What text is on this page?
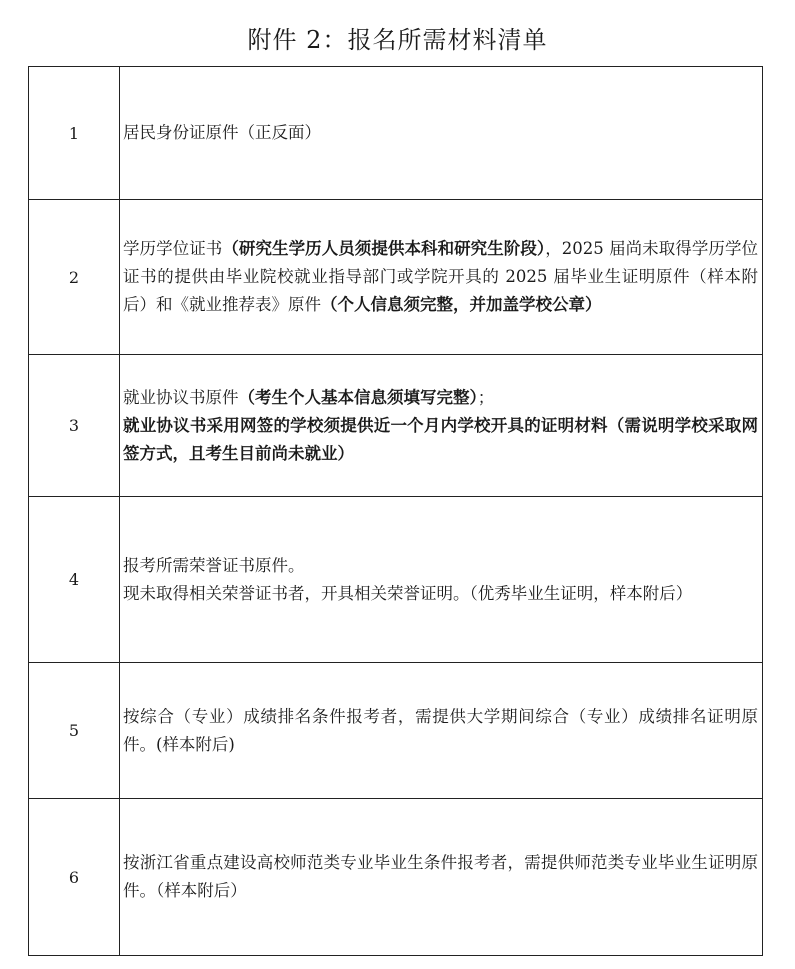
附件 2：报名所需材料清单
1	居民身份证原件（正反面）
2	学历学位证书（研究生学历人员须提供本科和研究生阶段），2025 届尚未取得学历学位证书的提供由毕业院校就业指导部门或学院开具的 2025 届毕业生证明原件（样本附后）和《就业推荐表》原件（个人信息须完整，并加盖学校公章）
3	就业协议书原件（考生个人基本信息须填写完整）；
就业协议书采用网签的学校须提供近一个月内学校开具的证明材料（需说明学校采取网签方式，且考生目前尚未就业）

4	报考所需荣誉证书原件。
现未取得相关荣誉证书者，开具相关荣誉证明。（优秀毕业生证明，样本附后）

5	按综合（专业）成绩排名条件报考者，需提供大学期间综合（专业）成绩排名证明原件。(样本附后)
6	按浙江省重点建设高校师范类专业毕业生条件报考者，需提供师范类专业毕业生证明原件。（样本附后）
